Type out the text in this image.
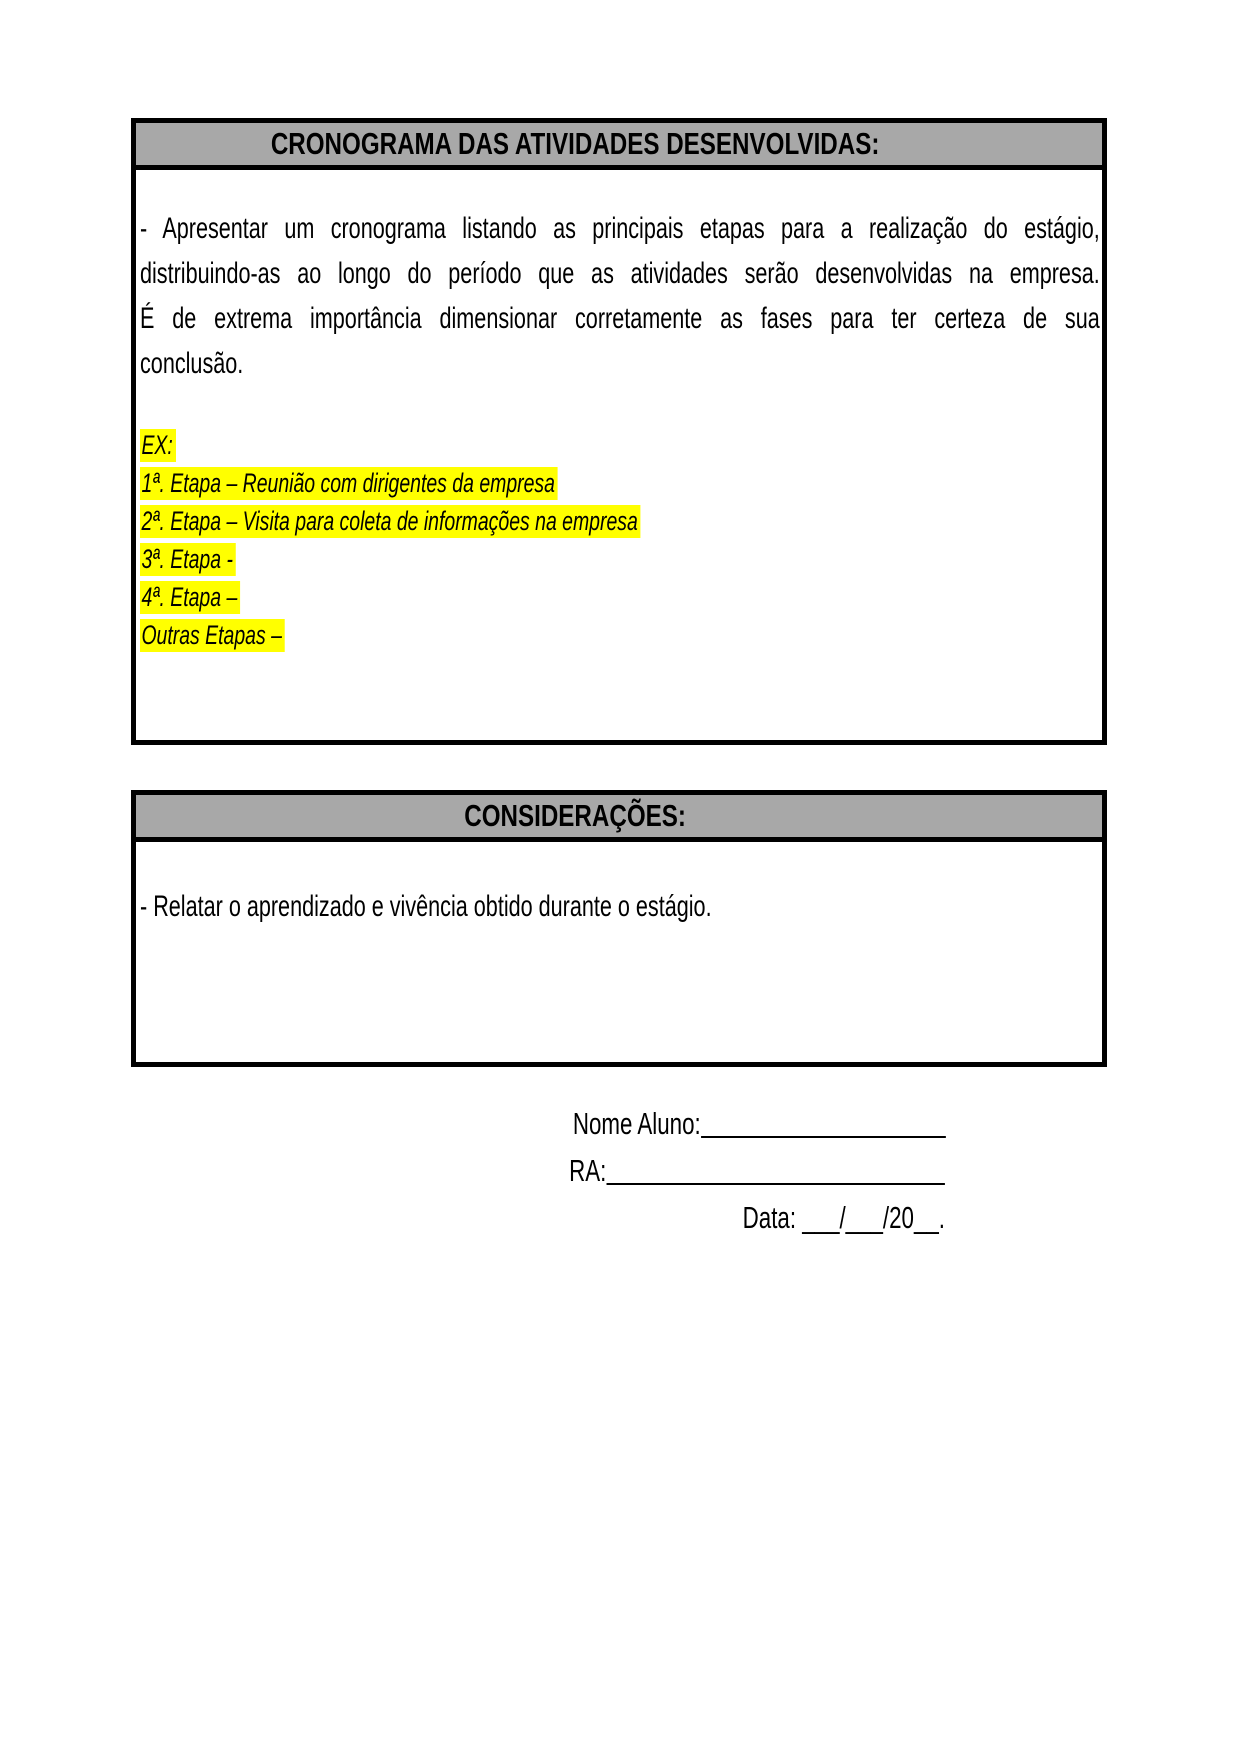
CRONOGRAMA DAS ATIVIDADES DESENVOLVIDAS:
- Apresentar um cronograma listando as principais etapas para a realização do estágio,
distribuindo-as ao longo do período que as atividades serão desenvolvidas na empresa.
É de extrema importância dimensionar corretamente as fases para ter certeza de sua
conclusão.
EX:
1ª. Etapa – Reunião com dirigentes da empresa
2ª. Etapa – Visita para coleta de informações na empresa
3ª. Etapa -
4ª. Etapa –
Outras Etapas –
CONSIDERAÇÕES:
- Relatar o aprendizado e vivência obtido durante o estágio.
Nome Aluno:
RA:
Data: ___/___/20__.
